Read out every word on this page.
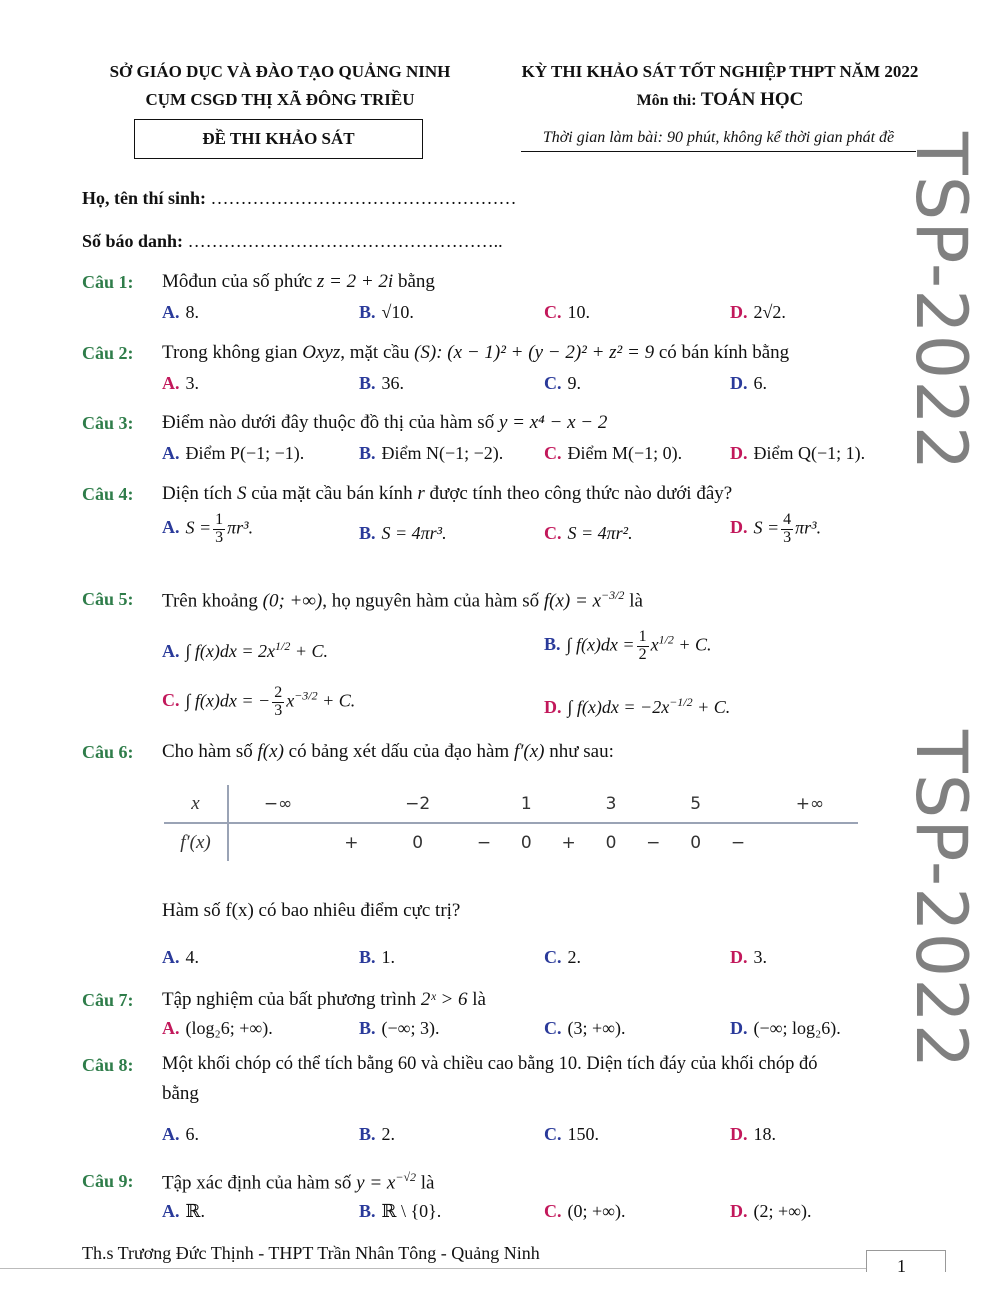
SỞ GIÁO DỤC VÀ ĐÀO TẠO QUẢNG NINH
CỤM CSGD THỊ XÃ ĐÔNG TRIỀU
ĐỀ THI KHẢO SÁT
KỲ THI KHẢO SÁT TỐT NGHIỆP THPT NĂM 2022
Môn thi: TOÁN HỌC
Thời gian làm bài: 90 phút, không kể thời gian phát đề TSP-2022
TSP-2022
Họ, tên thí sinh: ……………………………………………
Số báo danh: ……………………………………………..
Câu 1: Môđun của số phức z = 2 + 2i bằng
A. 8.	B. √10.	C. 10.	D. 2√2.
Câu 2: Trong không gian Oxyz, mặt cầu (S): (x − 1)² + (y − 2)² + z² = 9 có bán kính bằng
A. 3.	B. 36.	C. 9.	D. 6.
Câu 3: Điểm nào dưới đây thuộc đồ thị của hàm số y = x⁴ − x − 2
A. Điểm P(−1; −1).	B. Điểm N(−1; −2). C. Điểm M(−1; 0).	D. Điểm Q(−1; 1).
Câu 4: Diện tích S của mặt cầu bán kính r được tính theo công thức nào dưới đây?
A. $S = \frac{1}{3} \pi r^3$.	B. S = 4πr³.	C. S = 4πr².	D. $S = \frac{4}{3} \pi r^3$.
Câu 5: Trên khoảng (0; +∞), họ nguyên hàm của hàm số $f(x) = x^{-3/2}$ là
A. ∫ $f(x)dx = 2x^{1/2} + C$.	B. ∫ $f(x)dx = \frac{1}{2} x^{1/2} + C$.
C. ∫ f(x)dx = − $\frac{2}{3} x^{-3/2} + C$.	D. ∫ $f(x)dx = -2x^{-1/2} + C$.
Câu 6: Cho hàm số f(x) có bảng xét dấu của đạo hàm f′(x) như sau:
x	−∞		−2		1		3		5		+∞
f′(x)		+	0	−	0	+	0	−	0	−	
Hàm số f(x) có bao nhiêu điểm cực trị?
A. 4.	B. 1.	C. 2.	D. 3.
Câu 7: Tập nghiệm của bất phương trình 2ˣ > 6 là
A. (log₂6; +∞).	B. (−∞; 3).	C. (3; +∞).	D. (−∞; log₂6).
Câu 8: Một khối chóp có thể tích bằng 60 và chiều cao bằng 10. Diện tích đáy của khối chóp đó
bằng
A. 6.	B. 2.	C. 150.	D. 18.
Câu 9: Tập xác định của hàm số $y = x^{-√2}$ là
A. ℝ.	B. ℝ \ {0}.	C. (0; +∞).	D. (2; +∞).
Th.s Trương Đức Thịnh - THPT Trần Nhân Tông - Quảng Ninh
1
